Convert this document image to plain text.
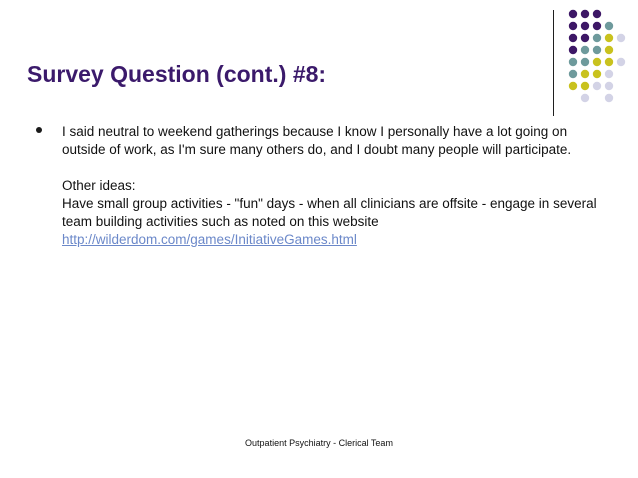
Survey Question (cont.) #8:

I said neutral to weekend gatherings because I know I personally have a lot going on outside of work, as I'm sure many others do, and I doubt many people will participate.

Other ideas:

Have small group activities - "fun" days - when all clinicians are offsite - engage in several team building activities such as noted on this website

http://wilderdom.com/games/InitiativeGames.html

Outpatient Psychiatry - Clerical Team
